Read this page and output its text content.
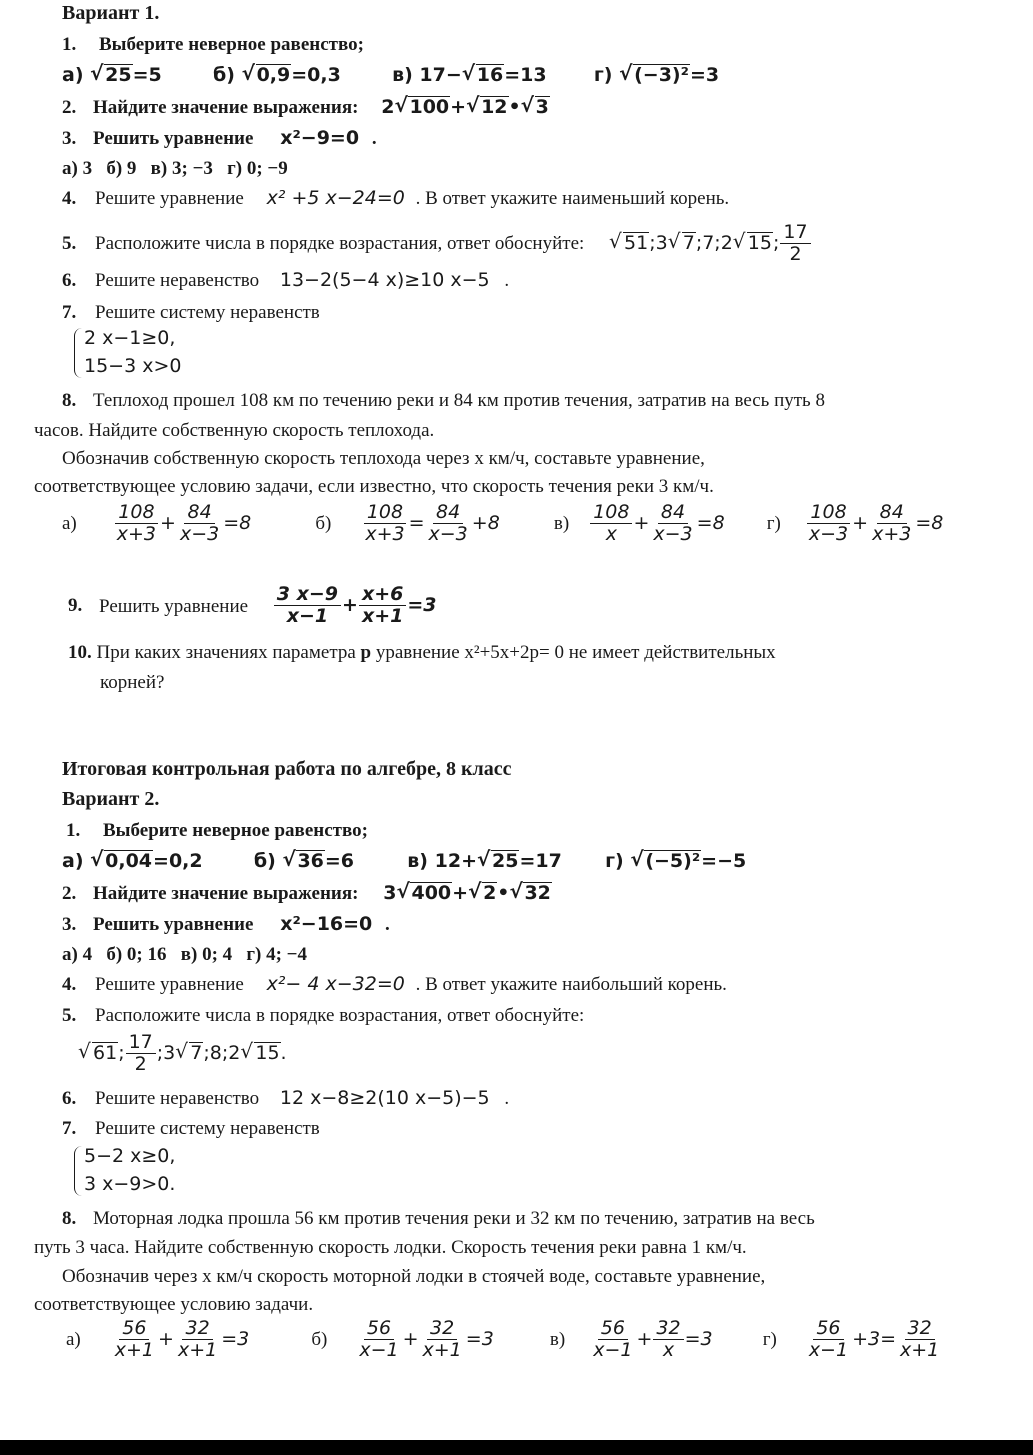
Вариант 1.
1. Выберите неверное равенство;
а) √ 25=5	б) √ 0,9=0,3	в) 17− √ 16=13 г) √ (−3)²=3
2. Найдите значение выражения: 2 √ 100+ √ 12• √ 3
3. Решить уравнение x²−9=0 .
а) 3   б) 9   в) 3; −3   г) 0; −9
4. Решите уравнение x² +5 x−24=0 . В ответ укажите наименьший корень.
5. Расположите числа в порядке возрастания, ответ обоснуйте: √ 51;3 √ 7;7;2 √ 15; $\frac{17}{2}$
6. Решите неравенство 13−2(5−4 x)≥10 x−5 .
7. Решите систему неравенств
2 x−1≥0,
15−3 x>0
8. Теплоход прошел 108 км по течению реки и 84 км против течения, затратив на весь путь 8
часов. Найдите собственную скорость теплохода.
Обозначив собственную скорость теплохода через x км/ч, составьте уравнение,
соответствующее условию задачи, если известно, что скорость течения реки 3 км/ч.
$а) \frac{108}{x+3} + \frac{84}{x-3} =8$	$б) \frac{108}{x+3} = \frac{84}{x-3} +8$	$в) \frac{108}{x} + \frac{84}{x-3} =8$ $г) \frac{108}{x-3} + \frac{84}{x+3} =8$
9. Решить уравнение $\frac{3 x-9}{x-1} + \frac{x+6}{x+1} =3$
10. При каких значениях параметра p уравнение x²+5x+2p= 0 не имеет действительных
корней?
Итоговая контрольная работа по алгебре, 8 класс
Вариант 2.
1. Выберите неверное равенство;
а) √ 0,04=0,2	б) √ 36=6	в) 12+ √ 25=17 г) √ (−5)²=−5
2. Найдите значение выражения: 3 √ 400+ √ 2• √ 32
3. Решить уравнение x²−16=0 .
а) 4   б) 0; 16   в) 0; 4   г) 4; −4
4. Решите уравнение x²− 4 x−32=0 . В ответ укажите наибольший корень.
5. Расположите числа в порядке возрастания, ответ обоснуйте:
√ 61; $\frac{17}{2}$ ;3 √ 7;8;2 √ 15.
6. Решите неравенство 12 x−8≥2(10 x−5)−5 .
7. Решите систему неравенств
5−2 x≥0,
3 x−9>0.
8. Моторная лодка прошла 56 км против течения реки и 32 км по течению, затратив на весь
путь 3 часа. Найдите собственную скорость лодки. Скорость течения реки равна 1 км/ч.
Обозначив через x км/ч скорость моторной лодки в стоячей воде, составьте уравнение,
соответствующее условию задачи.
$а) \frac{56}{x+1} + \frac{32}{x+1} =3$	$б) \frac{56}{x-1} + \frac{32}{x+1} =3$	$в) \frac{56}{x-1} + \frac{32}{x} =3$	$г) \frac{56}{x-1} +3= \frac{32}{x+1}$
